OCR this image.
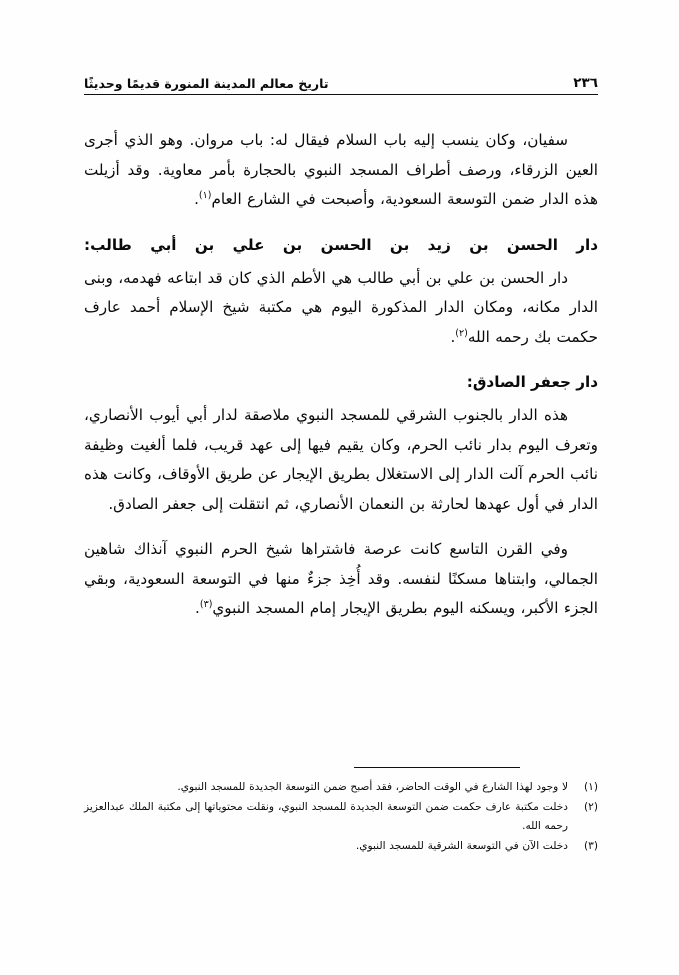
تاريخ معالم المدينة المنورة قديمًا وحديثًا	٢٣٦

سفيان، وكان ينسب إليه باب السلام فيقال له: باب مروان. وهو الذي أجرى العين الزرقاء، ورصف أطراف المسجد النبوي بالحجارة بأمر معاوية. وقد أزيلت هذه الدار ضمن التوسعة السعودية، وأصبحت في الشارع العام$^{(١)}$.

دار الحسن بن زيد بن الحسن بن علي بن أبي طالب:

دار الحسن بن علي بن أبي طالب هي الأطم الذي كان قد ابتاعه فهدمه، وبنى الدار مكانه، ومكان الدار المذكورة اليوم هي مكتبة شيخ الإسلام أحمد عارف حكمت بك رحمه الله$^{(٢)}$.

دار جعفر الصادق:

هذه الدار بالجنوب الشرقي للمسجد النبوي ملاصقة لدار أبي أيوب الأنصاري، وتعرف اليوم بدار نائب الحرم، وكان يقيم فيها إلى عهد قريب، فلما ألغيت وظيفة نائب الحرم آلت الدار إلى الاستغلال بطريق الإيجار عن طريق الأوقاف، وكانت هذه الدار في أول عهدها لحارثة بن النعمان الأنصاري، ثم انتقلت إلى جعفر الصادق.

وفي القرن التاسع كانت عرصة فاشتراها شيخ الحرم النبوي آنذاك شاهين الجمالي، وابتناها مسكنًا لنفسه. وقد أُخِذ جزءٌ منها في التوسعة السعودية، وبقي الجزء الأكبر، ويسكنه اليوم بطريق الإيجار إمام المسجد النبوي$^{(٣)}$.

(١)
لا وجود لهذا الشارع في الوقت الحاضر، فقد أصبح ضمن التوسعة الجديدة للمسجد النبوي.
(٢)
دخلت مكتبة عارف حكمت ضمن التوسعة الجديدة للمسجد النبوي، ونقلت محتوياتها إلى مكتبة الملك عبدالعزيز رحمه الله.
(٣)
دخلت الآن في التوسعة الشرقية للمسجد النبوي.
